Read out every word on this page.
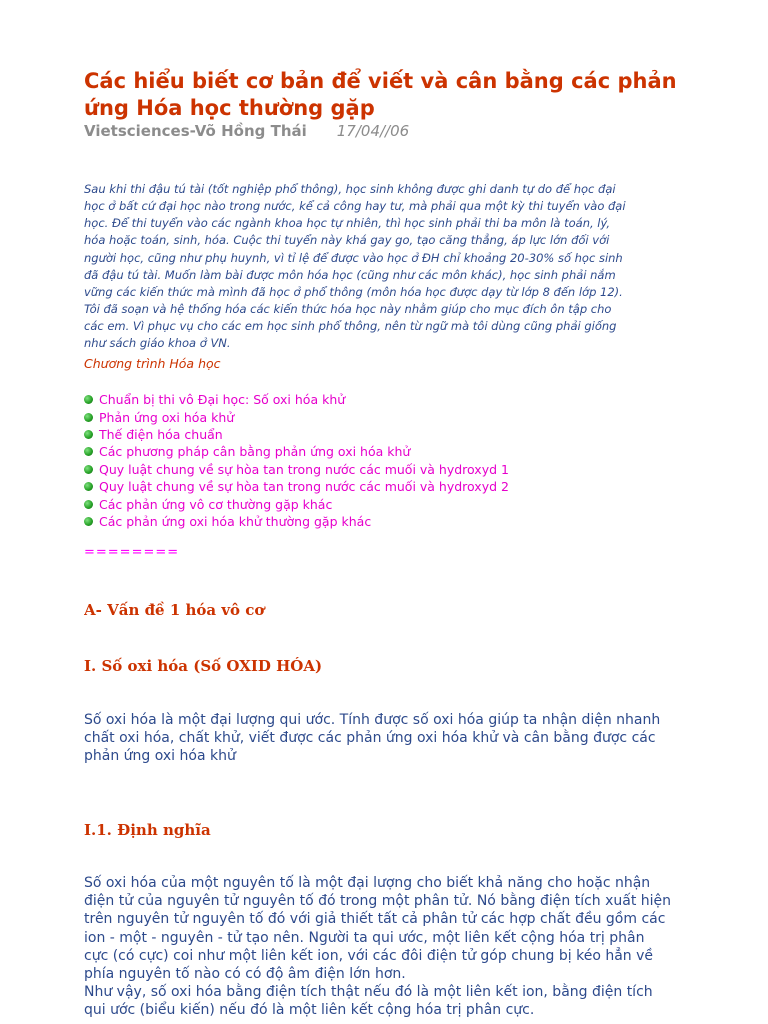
Các hiểu biết cơ bản để viết và cân bằng các phản ứng Hóa học thường gặp
Vietsciences-Võ Hồng Thái 17/04//06

Sau khi thi đậu tú tài (tốt nghiệp phổ thông), học sinh không được ghi danh tự do để học đại
học ở bất cứ đại học nào trong nước, kể cả công hay tư, mà phải qua một kỳ thi tuyển vào đại
học. Để thi tuyển vào các ngành khoa học tự nhiên, thì học sinh phải thi ba môn là toán, lý,
hóa hoặc toán, sinh, hóa. Cuộc thi tuyển này khá gay go, tạo căng thẳng, áp lực lớn đối với
người học, cũng như phụ huynh, vì tỉ lệ để được vào học ở ĐH chỉ khoảng 20-30% số học sinh
đã đậu tú tài. Muốn làm bài được môn hóa học (cũng như các môn khác), học sinh phải nắm
vững các kiến thức mà mình đã học ở phổ thông (môn hóa học được dạy từ lớp 8 đến lớp 12).
Tôi đã soạn và hệ thống hóa các kiến thức hóa học này nhằm giúp cho mục đích ôn tập cho
các em. Vì phục vụ cho các em học sinh phổ thông, nên từ ngữ mà tôi dùng cũng phải giống
như sách giáo khoa ở VN.

Chương trình Hóa học

Chuẩn bị thi vô Đại học: Số oxi hóa khử
Phản ứng oxi hóa khử
Thế điện hóa chuẩn
Các phương pháp cân bằng phản ứng oxi hóa khử
Quy luật chung về sự hòa tan trong nước các muối và hydroxyd 1
Quy luật chung về sự hòa tan trong nước các muối và hydroxyd 2
Các phản ứng vô cơ thường gặp khác
Các phản ứng oxi hóa khử thường gặp khác

========

A- Vấn đề 1 hóa vô cơ
I. Số oxi hóa (Số OXID HÓA)

Số oxi hóa là một đại lượng qui ước. Tính được số oxi hóa giúp ta nhận diện nhanh
chất oxi hóa, chất khử, viết được các phản ứng oxi hóa khử và cân bằng được các
phản ứng oxi hóa khử

I.1. Định nghĩa

Số oxi hóa của một nguyên tố là một đại lượng cho biết khả năng cho hoặc nhận
điện tử của nguyên tử nguyên tố đó trong một phân tử. Nó bằng điện tích xuất hiện
trên nguyên tử nguyên tố đó với giả thiết tất cả phân tử các hợp chất đều gồm các
ion - một - nguyên - tử tạo nên. Người ta qui ước, một liên kết cộng hóa trị phân
cực (có cực) coi như một liên kết ion, với các đôi điện tử góp chung bị kéo hẳn về
phía nguyên tố nào có có độ âm điện lớn hơn.
Như vậy, số oxi hóa bằng điện tích thật nếu đó là một liên kết ion, bằng điện tích
qui ước (biểu kiến) nếu đó là một liên kết cộng hóa trị phân cực.
